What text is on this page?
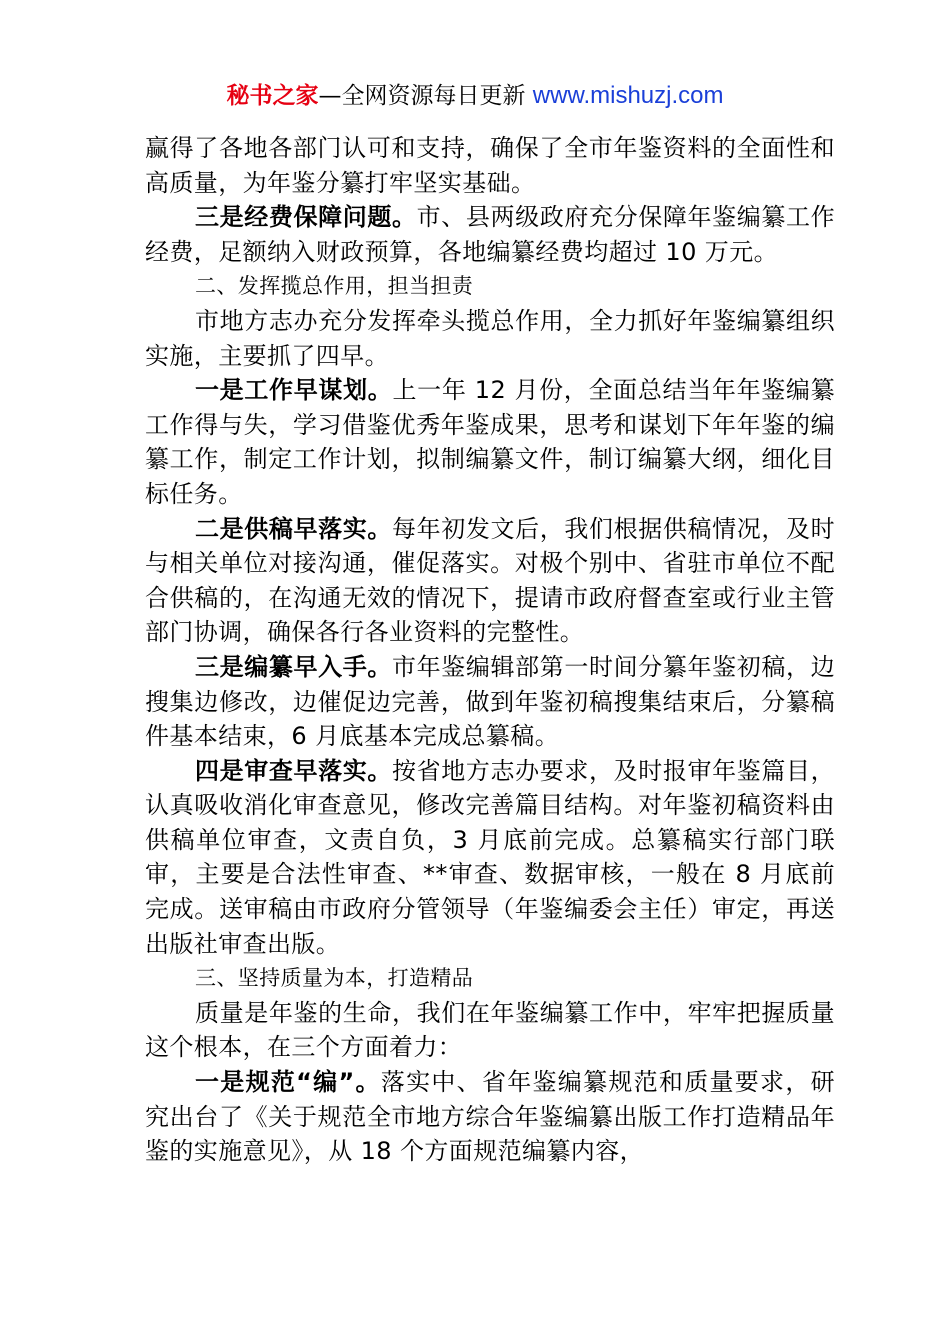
秘书之家—全网资源每日更新 www.mishuzj.com

赢得了各地各部门认可和支持，确保了全市年鉴资料的全面性和高质量，为年鉴分纂打牢坚实基础。

三是经费保障问题。市、县两级政府充分保障年鉴编纂工作经费，足额纳入财政预算，各地编纂经费均超过 10 万元。

二、发挥揽总作用，担当担责

市地方志办充分发挥牵头揽总作用，全力抓好年鉴编纂组织实施，主要抓了四早。

一是工作早谋划。上一年 12 月份，全面总结当年年鉴编纂工作得与失，学习借鉴优秀年鉴成果，思考和谋划下年年鉴的编纂工作，制定工作计划，拟制编纂文件，制订编纂大纲，细化目标任务。

二是供稿早落实。每年初发文后，我们根据供稿情况，及时与相关单位对接沟通，催促落实。对极个别中、省驻市单位不配合供稿的，在沟通无效的情况下，提请市政府督查室或行业主管部门协调，确保各行各业资料的完整性。

三是编纂早入手。市年鉴编辑部第一时间分纂年鉴初稿，边搜集边修改，边催促边完善，做到年鉴初稿搜集结束后，分纂稿件基本结束，6 月底基本完成总纂稿。

四是审查早落实。按省地方志办要求，及时报审年鉴篇目，认真吸收消化审查意见，修改完善篇目结构。对年鉴初稿资料由供稿单位审查，文责自负，3 月底前完成。总纂稿实行部门联审，主要是合法性审查、**审查、数据审核，一般在 8 月底前完成。送审稿由市政府分管领导（年鉴编委会主任）审定，再送出版社审查出版。

三、坚持质量为本，打造精品

质量是年鉴的生命，我们在年鉴编纂工作中，牢牢把握质量这个根本，在三个方面着力：

一是规范“编”。落实中、省年鉴编纂规范和质量要求，研究出台了《关于规范全市地方综合年鉴编纂出版工作打造精品年鉴的实施意见》，从 18 个方面规范编纂内容，
